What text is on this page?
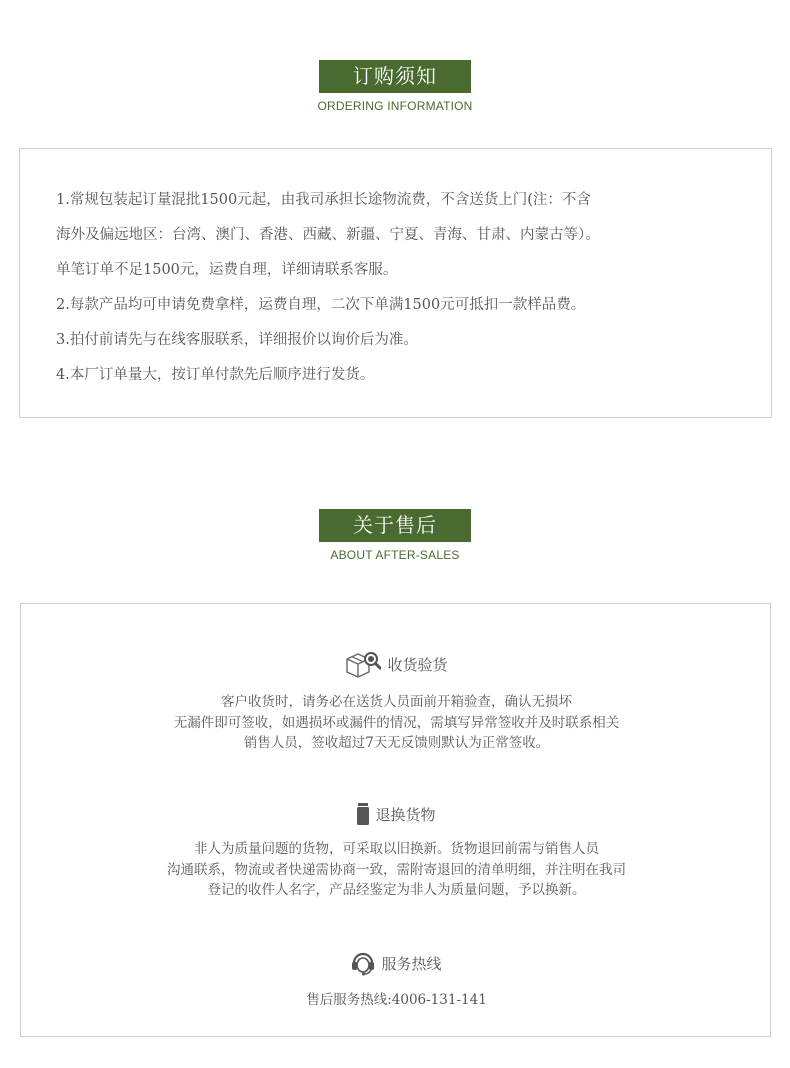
订购须知
ORDERING INFORMATION
1.常规包装起订量混批1500元起，由我司承担长途物流费，不含送货上门(注：不含
海外及偏远地区：台湾、澳门、香港、西藏、新疆、宁夏、青海、甘肃、内蒙古等）。
单笔订单不足1500元，运费自理，详细请联系客服。
2.每款产品均可申请免费拿样，运费自理，二次下单满1500元可抵扣一款样品费。
3.拍付前请先与在线客服联系，详细报价以询价后为准。
4.本厂订单量大，按订单付款先后顺序进行发货。
关于售后
ABOUT AFTER-SALES
收货验货
客户收货时，请务必在送货人员面前开箱验查，确认无损坏
无漏件即可签收，如遇损坏或漏件的情况，需填写异常签收并及时联系相关
销售人员，签收超过7天无反馈则默认为正常签收。
退换货物
非人为质量问题的货物，可采取以旧换新。货物退回前需与销售人员
沟通联系，物流或者快递需协商一致，需附寄退回的清单明细，并注明在我司
登记的收件人名字，产品经鉴定为非人为质量问题，予以换新。
服务热线
售后服务热线:4006-131-141
